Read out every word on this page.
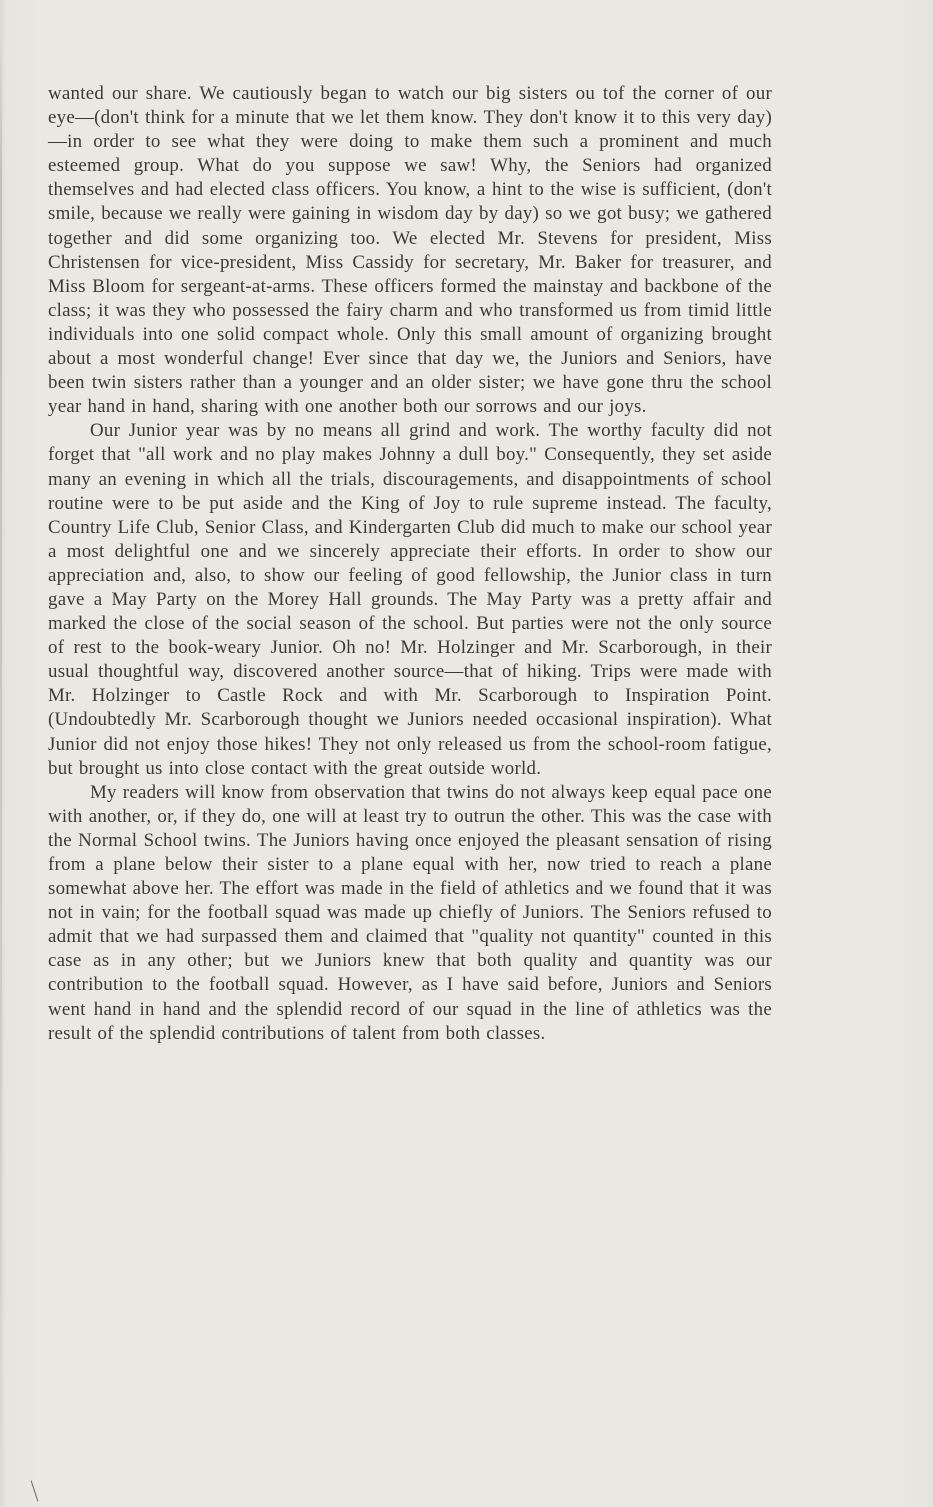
wanted our share. We cautiously began to watch our big sisters ou tof the corner of our eye—(don't think for a minute that we let them know. They don't know it to this very day)—in order to see what they were doing to make them such a prominent and much esteemed group. What do you suppose we saw! Why, the Seniors had organized themselves and had elected class officers. You know, a hint to the wise is sufficient, (don't smile, because we really were gaining in wisdom day by day) so we got busy; we gathered together and did some organizing too. We elected Mr. Stevens for president, Miss Christensen for vice-president, Miss Cassidy for secretary, Mr. Baker for treasurer, and Miss Bloom for sergeant-at-arms. These officers formed the mainstay and backbone of the class; it was they who possessed the fairy charm and who transformed us from timid little individuals into one solid compact whole. Only this small amount of organizing brought about a most wonderful change! Ever since that day we, the Juniors and Seniors, have been twin sisters rather than a younger and an older sister; we have gone thru the school year hand in hand, sharing with one another both our sorrows and our joys.

Our Junior year was by no means all grind and work. The worthy faculty did not forget that "all work and no play makes Johnny a dull boy." Consequently, they set aside many an evening in which all the trials, discouragements, and disappointments of school routine were to be put aside and the King of Joy to rule supreme instead. The faculty, Country Life Club, Senior Class, and Kindergarten Club did much to make our school year a most delightful one and we sincerely appreciate their efforts. In order to show our appreciation and, also, to show our feeling of good fellowship, the Junior class in turn gave a May Party on the Morey Hall grounds. The May Party was a pretty affair and marked the close of the social season of the school. But parties were not the only source of rest to the book-weary Junior. Oh no! Mr. Holzinger and Mr. Scarborough, in their usual thoughtful way, discovered another source—that of hiking. Trips were made with Mr. Holzinger to Castle Rock and with Mr. Scarborough to Inspiration Point. (Undoubtedly Mr. Scarborough thought we Juniors needed occasional inspiration). What Junior did not enjoy those hikes! They not only released us from the school-room fatigue, but brought us into close contact with the great outside world.

My readers will know from observation that twins do not always keep equal pace one with another, or, if they do, one will at least try to outrun the other. This was the case with the Normal School twins. The Juniors having once enjoyed the pleasant sensation of rising from a plane below their sister to a plane equal with her, now tried to reach a plane somewhat above her. The effort was made in the field of athletics and we found that it was not in vain; for the football squad was made up chiefly of Juniors. The Seniors refused to admit that we had surpassed them and claimed that "quality not quantity" counted in this case as in any other; but we Juniors knew that both quality and quantity was our contribution to the football squad. However, as I have said before, Juniors and Seniors went hand in hand and the splendid record of our squad in the line of athletics was the result of the splendid contributions of talent from both classes.
